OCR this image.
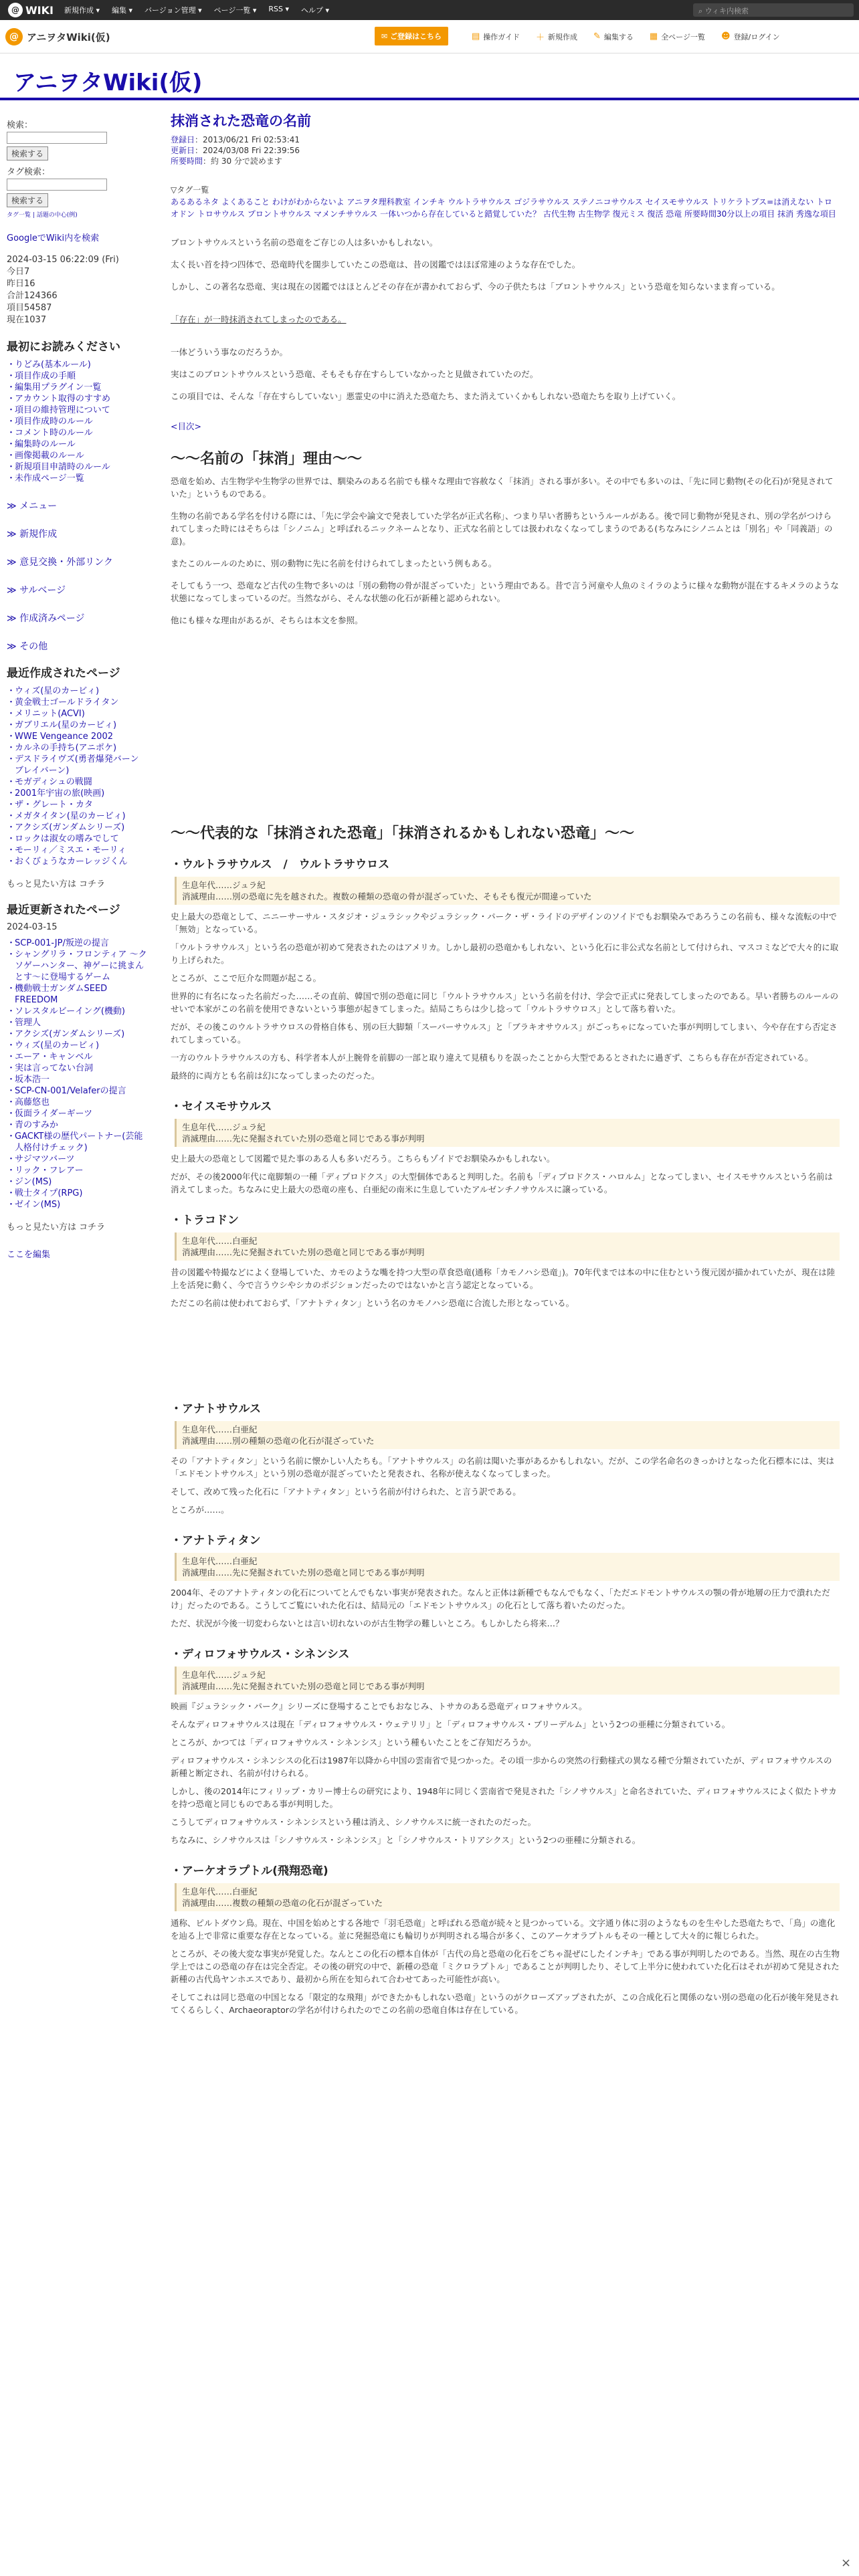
@ WIKI 新規作成 ▾ 編集 ▾ バージョン管理 ▾ ページ一覧 ▾ RSS ▾ ヘルプ ▾	⌕ ウィキ内検索
@ アニヲタWiki(仮)	✉ ご登録はこちら	▤ 操作ガイド ＋ 新規作成 ✎ 編集する ▦ 全ページ一覧 ☻ 登録/ログイン
アニヲタWiki(仮)
検索：
検索する
タグ検索：
検索する
タグ一覧 | 話題の中心(例)
GoogleでWiki内を検索
2024-03-15 06:22:09 (Fri)
今日7
昨日16
合計124366
項目54587
現在1037
最初にお読みください
・ りどみ(基本ルール)
・ 項目作成の手順
・ 編集用プラグイン一覧
・ アカウント取得のすすめ
・ 項目の維持管理について
・ 項目作成時のルール
・ コメント時のルール
・ 編集時のルール
・ 画像掲載のルール
・ 新規項目申請時のルール
・ 未作成ページ一覧
≫ メニュー
≫ 新規作成
≫ 意見交換・外部リンク
≫ サルベージ
≫ 作成済みページ
≫ その他
最近作成されたページ
・ ウィズ(星のカービィ)
・ 黄金戦士ゴールドライタン
・ メリニット(ACVI)
・ ガブリエル(星のカービィ)
・ WWE Vengeance 2002
・ カルネの手持ち(アニポケ)
・ デスドライヴズ(勇者爆発バーンブレイバーン)
・ モガディシュの戦闘
・ 2001年宇宙の旅(映画)
・ ザ・グレート・カタ
・ メガタイタン(星のカービィ)
・ アクシズ(ガンダムシリーズ)
・ ロックは淑女の嗜みでして
・ モーリィ／ミスエ・モーリィ
・ おくびょうなカーレッジくん
もっと見たい方は コチラ
最近更新されたページ
2024-03-15
・ SCP-001-JP/叛逆の提言
・ シャングリラ・フロンティア ～クソゲーハンター、神ゲーに挑まんとす～に登場するゲーム
・ 機動戦士ガンダムSEED FREEDOM
・ ソレスタルビーイング(機動)
・ 管理人
・ アクシズ(ガンダムシリーズ)
・ ウィズ(星のカービィ)
・ エーア・キャンベル
・ 実は言ってない台詞
・ 坂本浩一
・ SCP-CN-001/Velaferの提言
・ 高藤悠也
・ 仮面ライダーギーツ
・ 青のすみか
・ GACKT様の歴代パートナー(芸能人格付けチェック)
・ サジマツバーツ
・ リック・フレアー
・ ジン(MS)
・ 戦士タイプ(RPG)
・ ゼイン(MS)
もっと見たい方は コチラ
ここを編集
抹消された恐竜の名前
登録日：2013/06/21 Fri 02:53:41
更新日：2024/03/08 Fri 22:39:56
所要時間：約 30 分で読めます
▽タグ一覧
あるあるネタ よくあること わけがわからないよ アニヲタ理科教室 インチキ ウルトラサウルス ゴジラサウルス ステノニコサウルス セイスモサウルス トリケラトプス=は消えない トロオドン トロサウルス プロントサウルス マメンチサウルス 一体いつから存在していると錯覚していた？ 古代生物 古生物学 復元ミス 復活 恐竜 所要時間30分以上の項目 抹消 秀逸な項目

ブロントサウルスという名前の恐竜をご存じの人は多いかもしれない。

太く長い首を持つ四体で、恐竜時代を闊歩していたこの恐竜は、昔の図鑑ではほぼ常連のような存在でした。

しかし、この著名な恐竜、実は現在の図鑑ではほとんどその存在が書かれておらず、今の子供たちは「ブロントサウルス」という恐竜を知らないまま育っている。

「存在」が一時抹消されてしまったのである。

一体どういう事なのだろうか。

実はこのブロントサウルスという恐竜、そもそも存在すらしていなかったと見做されていたのだ。

この項目では、そんな「存在すらしていない」悪霊史の中に消えた恐竜たち、また消えていくかもしれない恐竜たちを取り上げていく。

<目次>

～～名前の「抹消」理由～～

恐竜を始め、古生物学や生物学の世界では、馴染みのある名前でも様々な理由で容赦なく「抹消」される事が多い。その中でも多いのは、「先に同じ動物(その化石)が発見されていた」というものである。

生物の名前である学名を付ける際には、「先に学会や論文で発表していた学名が正式名称」、つまり早い者勝ちというルールがある。後で同じ動物が発見され、別の学名がつけられてしまった時にはそちらは「シノニム」と呼ばれるニックネームとなり、正式な名前としては扱われなくなってしまうのである(ちなみにシノニムとは「別名」や「同義語」の意)。

またこのルールのために、別の動物に先に名前を付けられてしまったという例もある。

そしてもう一つ、恐竜など古代の生物で多いのは「別の動物の骨が混ざっていた」という理由である。昔で言う河童や人魚のミイラのように様々な動物が混在するキメラのような状態になってしまっているのだ。当然ながら、そんな状態の化石が新種と認められない。

他にも様々な理由があるが、そちらは本文を参照。

～～代表的な「抹消された恐竜」「抹消されるかもしれない恐竜」～～
・ウルトラサウルス　/　ウルトラサウロス
生息年代……ジュラ紀
消滅理由……別の恐竜に先を越された。複数の種類の恐竜の骨が混ざっていた、そもそも復元が間違っていた

史上最大の恐竜として、ニニーサーサル・スタジオ・ジュラシックやジュラシック・パーク・ザ・ライドのデザインのソイドでもお馴染みであろうこの名前も、様々な流転の中で「無効」となっている。

「ウルトラサウルス」という名の恐竜が初めて発表されたのはアメリカ。しかし最初の恐竜かもしれない、という化石に非公式な名前として付けられ、マスコミなどで大々的に取り上げられた。

ところが、ここで厄介な問題が起こる。

世界的に有名になった名前だった……その直前、韓国で別の恐竜に同じ「ウルトラサウルス」という名前を付け、学会で正式に発表してしまったのである。早い者勝ちのルールのせいで本家がこの名前を使用できないという事態が起きてしまった。結局こちらは少し捻って「ウルトラサウロス」として落ち着いた。

だが、その後このウルトラサウロスの骨格自体も、別の巨大脚類「スーパーサウルス」と「ブラキオサウルス」がごっちゃになっていた事が判明してしまい、今や存在すら否定されてしまっている。

一方のウルトラサウルスの方も、科学者本人が上腕骨を前脚の一部と取り違えて見積もりを誤ったことから大型であるとされたに過ぎず、こちらも存在が否定されている。

最終的に両方とも名前は幻になってしまったのだった。

・セイスモサウルス
生息年代……ジュラ紀
消滅理由……先に発掘されていた別の恐竜と同じである事が判明

史上最大の恐竜として図鑑で見た事のある人も多いだろう。こちらもゾイドでお馴染みかもしれない。

だが、その後2000年代に竜脚類の一種「ディプロドクス」の大型個体であると判明した。名前も「ディプロドクス・ハロルム」となってしまい、セイスモサウルスという名前は消えてしまった。ちなみに史上最大の恐竜の座も、白亜紀の南米に生息していたアルゼンチノサウルスに譲っている。

・トラコドン
生息年代……白亜紀
消滅理由……先に発掘されていた別の恐竜と同じである事が判明

昔の図鑑や特撮などによく登場していた、カモのような嘴を持つ大型の草食恐竜(通称「カモノハシ恐竜」)。70年代までは本の中に住むという復元図が描かれていたが、現在は陸上を活発に動く、今で言うウシやシカのポジションだったのではないかと言う認定となっている。

ただこの名前は使われておらず、「アナトティタン」という名のカモノハシ恐竜に合流した形となっている。

・アナトサウルス
生息年代……白亜紀
消滅理由……別の種類の恐竜の化石が混ざっていた

その「アナトティタン」という名前に懐かしい人たちも。「アナトサウルス」の名前は聞いた事があるかもしれない。だが、この学名命名のきっかけとなった化石標本には、実は「エドモントサウルス」という別の恐竜が混ざっていたと発表され、名称が使えなくなってしまった。

そして、改めて残った化石に「アナトティタン」という名前が付けられた、と言う訳である。

ところが……。

・アナトティタン
生息年代……白亜紀
消滅理由……先に発掘されていた別の恐竜と同じである事が判明

2004年、そのアナトティタンの化石についてとんでもない事実が発表された。なんと正体は新種でもなんでもなく、「ただエドモントサウルスの顎の骨が地層の圧力で潰れただけ」だったのである。こうしてご覧にいれた化石は、結局元の「エドモントサウルス」の化石として落ち着いたのだった。

ただ、状況が今後一切変わらないとは言い切れないのが古生物学の難しいところ。もしかしたら将来…？

・ディロフォサウルス・シネンシス
生息年代……ジュラ紀
消滅理由……先に発掘されていた別の恐竜と同じである事が判明

映画『ジュラシック・パーク』シリーズに登場することでもおなじみ、トサカのある恐竜ディロフォサウルス。

そんなディロフォサウルスは現在「ディロフォサウルス・ウェテリリ」と「ディロフォサウルス・ブリーデルム」という2つの亜種に分類されている。

ところが、かつては「ディロフォサウルス・シネンシス」という種もいたことをご存知だろうか。

ディロフォサウルス・シネンシスの化石は1987年以降から中国の雲南省で見つかった。その頃一歩からの突然の行動様式の異なる種で分類されていたが、ディロフォサウルスの新種と断定され、名前が付けられる。

しかし、後の2014年にフィリップ・カリー博士らの研究により、1948年に同じく雲南省で発見された「シノサウルス」と命名されていた、ディロフォサウルスによく似たトサカを持つ恐竜と同じものである事が判明した。

こうしてディロフォサウルス・シネンシスという種は消え、シノサウルスに統一されたのだった。

ちなみに、シノサウルスは「シノサウルス・シネンシス」と「シノサウルス・トリアシクス」という2つの亜種に分類される。

・アーケオラプトル(飛翔恐竜)
生息年代……白亜紀
消滅理由……複数の種類の恐竜の化石が混ざっていた

通称、ピルトダウン鳥。現在、中国を始めとする各地で「羽毛恐竜」と呼ばれる恐竜が続々と見つかっている。文字通り体に羽のようなものを生やした恐竜たちで、「鳥」の進化を辿る上で非常に重要な存在となっている。並に発掘恐竜にも輪切りが判明される場合が多く、このアーケオラプトルもその一種として大々的に報じられた。

ところが、その後大変な事実が発覚した。なんとこの化石の標本自体が「古代の鳥と恐竜の化石をごちゃ混ぜにしたインチキ」である事が判明したのである。当然、現在の古生物学上ではこの恐竜の存在は完全否定。その後の研究の中で、新種の恐竜「ミクロラプトル」であることが判明したり、そして上半分に使われていた化石はそれが初めて発見された新種の古代鳥ヤンホエスであり、最初から所在を知られて合わせてあった可能性が高い。

そしてこれは同じ恐竜の中国となる「限定的な飛翔」ができたかもしれない恐竜」というのがクローズアップされたが、この合成化石と関係のない別の恐竜の化石が後年発見されてくるらしく、Archaeoraptorの学名が付けられたのでこの名前の恐竜自体は存在している。

×
